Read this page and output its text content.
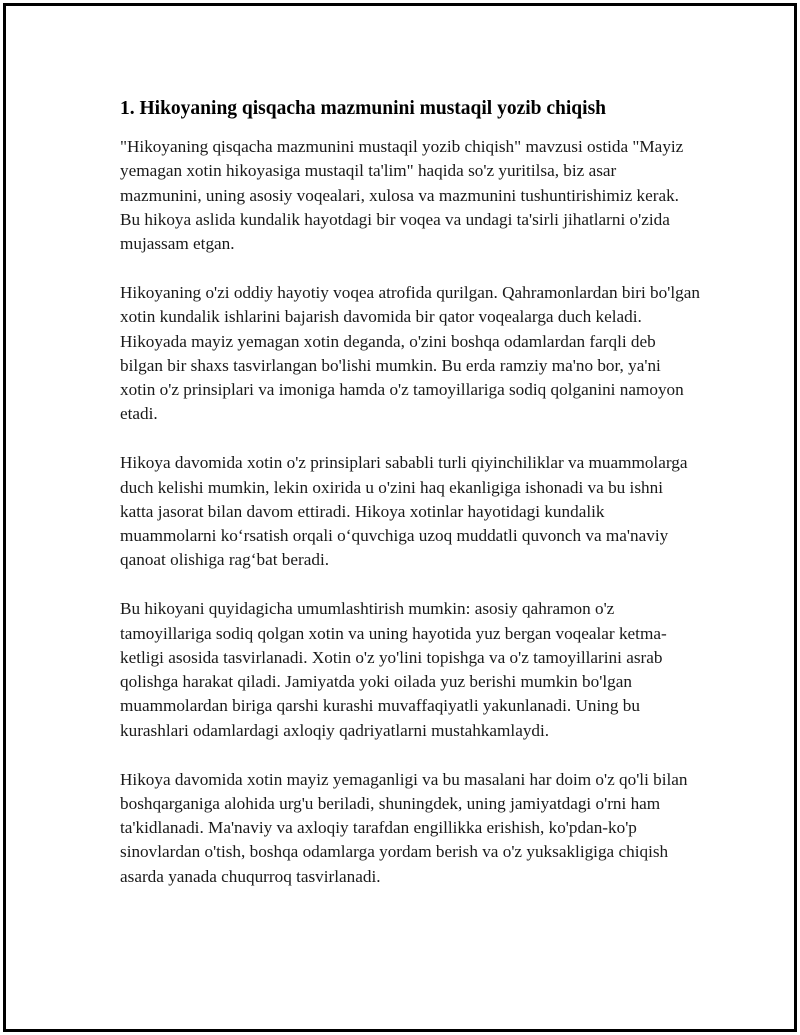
1. Hikoyaning qisqacha mazmunini mustaqil yozib chiqish

"Hikoyaning qisqacha mazmunini mustaqil yozib chiqish" mavzusi ostida "Mayiz yemagan xotin hikoyasiga mustaqil ta'lim" haqida so'z yuritilsa, biz asar mazmunini, uning asosiy voqealari, xulosa va mazmunini tushuntirishimiz kerak. Bu hikoya aslida kundalik hayotdagi bir voqea va undagi ta'sirli jihatlarni o'zida mujassam etgan.

Hikoyaning o'zi oddiy hayotiy voqea atrofida qurilgan. Qahramonlardan biri bo'lgan xotin kundalik ishlarini bajarish davomida bir qator voqealarga duch keladi. Hikoyada mayiz yemagan xotin deganda, o'zini boshqa odamlardan farqli deb bilgan bir shaxs tasvirlangan bo'lishi mumkin. Bu erda ramziy ma'no bor, ya'ni xotin o'z prinsiplari va imoniga hamda o'z tamoyillariga sodiq qolganini namoyon etadi.

Hikoya davomida xotin o'z prinsiplari sababli turli qiyinchiliklar va muammolarga duch kelishi mumkin, lekin oxirida u o'zini haq ekanligiga ishonadi va bu ishni katta jasorat bilan davom ettiradi. Hikoya xotinlar hayotidagi kundalik muammolarni ko‘rsatish orqali o‘quvchiga uzoq muddatli quvonch va ma'naviy qanoat olishiga rag‘bat beradi.

Bu hikoyani quyidagicha umumlashtirish mumkin: asosiy qahramon o'z tamoyillariga sodiq qolgan xotin va uning hayotida yuz bergan voqealar ketma-ketligi asosida tasvirlanadi. Xotin o'z yo'lini topishga va o'z tamoyillarini asrab qolishga harakat qiladi. Jamiyatda yoki oilada yuz berishi mumkin bo'lgan muammolardan biriga qarshi kurashi muvaffaqiyatli yakunlanadi. Uning bu kurashlari odamlardagi axloqiy qadriyatlarni mustahkamlaydi.

Hikoya davomida xotin mayiz yemaganligi va bu masalani har doim o'z qo'li bilan boshqarganiga alohida urg'u beriladi, shuningdek, uning jamiyatdagi o'rni ham ta'kidlanadi. Ma'naviy va axloqiy tarafdan engillikka erishish, ko'pdan-ko'p sinovlardan o'tish, boshqa odamlarga yordam berish va o'z yuksakligiga chiqish asarda yanada chuqurroq tasvirlanadi.
